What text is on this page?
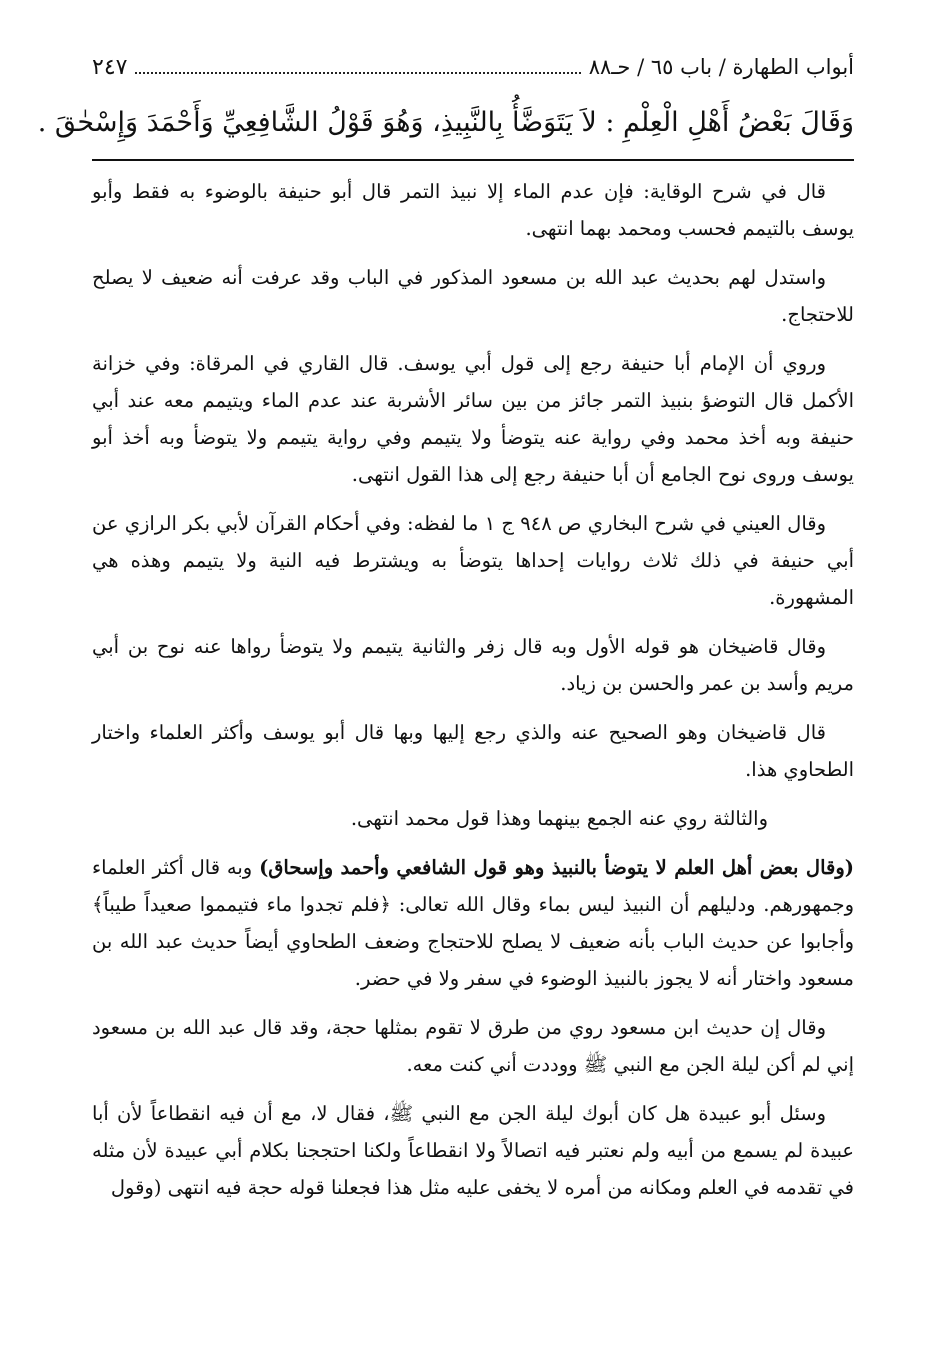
أبواب الطهارة / باب ٦٥ / حـ٨٨
٢٤٧
وَقَالَ بَعْضُ أَهْلِ الْعِلْمِ : لاَ يَتَوَضَّأُ بِالنَّبِيذِ، وَهُوَ قَوْلُ الشَّافِعِيِّ وَأَحْمَدَ وَإِسْحٰقَ .

قال في شرح الوقاية: فإن عدم الماء إلا نبيذ التمر قال أبو حنيفة بالوضوء به فقط وأبو يوسف بالتيمم فحسب ومحمد بهما انتهى.

واستدل لهم بحديث عبد الله بن مسعود المذكور في الباب وقد عرفت أنه ضعيف لا يصلح للاحتجاج.

وروي أن الإمام أبا حنيفة رجع إلى قول أبي يوسف. قال القاري في المرقاة: وفي خزانة الأكمل قال التوضؤ بنبيذ التمر جائز من بين سائر الأشربة عند عدم الماء ويتيمم معه عند أبي حنيفة وبه أخذ محمد وفي رواية عنه يتوضأ ولا يتيمم وفي رواية يتيمم ولا يتوضأ وبه أخذ أبو يوسف وروى نوح الجامع أن أبا حنيفة رجع إلى هذا القول انتهى.

وقال العيني في شرح البخاري ص ٩٤٨ ج ١ ما لفظه: وفي أحكام القرآن لأبي بكر الرازي عن أبي حنيفة في ذلك ثلاث روايات إحداها يتوضأ به ويشترط فيه النية ولا يتيمم وهذه هي المشهورة.

وقال قاضيخان هو قوله الأول وبه قال زفر والثانية يتيمم ولا يتوضأ رواها عنه نوح بن أبي مريم وأسد بن عمر والحسن بن زياد.

قال قاضيخان وهو الصحيح عنه والذي رجع إليها وبها قال أبو يوسف وأكثر العلماء واختار الطحاوي هذا.

والثالثة روي عنه الجمع بينهما وهذا قول محمد انتهى.

(وقال بعض أهل العلم لا يتوضأ بالنبيذ وهو قول الشافعي وأحمد وإسحاق) وبه قال أكثر العلماء وجمهورهم. ودليلهم أن النبيذ ليس بماء وقال الله تعالى: ﴿فلم تجدوا ماء فتيمموا صعيداً طيباً﴾ وأجابوا عن حديث الباب بأنه ضعيف لا يصلح للاحتجاج وضعف الطحاوي أيضاً حديث عبد الله بن مسعود واختار أنه لا يجوز بالنبيذ الوضوء في سفر ولا في حضر.

وقال إن حديث ابن مسعود روي من طرق لا تقوم بمثلها حجة، وقد قال عبد الله بن مسعود إني لم أكن ليلة الجن مع النبي ﷺ ووددت أني كنت معه.

وسئل أبو عبيدة هل كان أبوك ليلة الجن مع النبي ﷺ، فقال لا، مع أن فيه انقطاعاً لأن أبا عبيدة لم يسمع من أبيه ولم نعتبر فيه اتصالاً ولا انقطاعاً ولكنا احتججنا بكلام أبي عبيدة لأن مثله في تقدمه في العلم ومكانه من أمره لا يخفى عليه مثل هذا فجعلنا قوله حجة فيه انتهى (وقول
